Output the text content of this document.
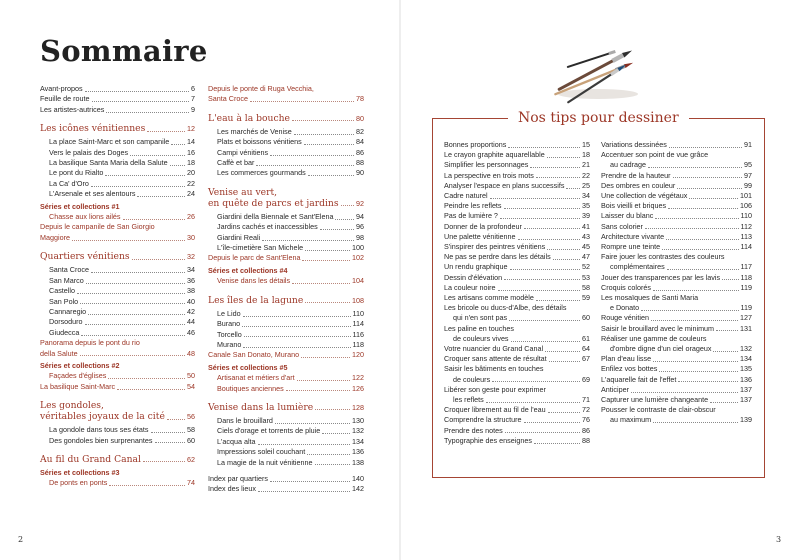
Sommaire
Avant-propos	6
Feuille de route	7
Les artistes-autrices	9
Les icônes vénitiennes	12
La place Saint-Marc et son campanile 14
Vers le palais des Doges	16
La basilique Santa Maria della Salute	18
Le pont du Rialto	20
La Ca' d'Oro	22
L'Arsenale et ses alentours	24
Séries et collections #1
Chasse aux lions ailés	26
Depuis le campanile de San Giorgio
Maggiore	30
Quartiers vénitiens	32
Santa Croce	34
San Marco	36
Castello	38
San Polo	40
Cannaregio	42
Dorsoduro	44
Giudecca	46
Panorama depuis le pont du rio
della Salute	48
Séries et collections #2
Façades d'églises	50
La basilique Saint-Marc	54
Les gondoles,
véritables joyaux de la cité	56
La gondole dans tous ses états	58
Des gondoles bien surprenantes	60
Au fil du Grand Canal	62
Séries et collections #3
De ponts en ponts	74
Depuis le ponte di Ruga Vecchia,
Santa Croce	78
L'eau à la bouche	80
Les marchés de Venise	82
Plats et boissons vénitiens	84
Campi vénitiens	86
Caffè et bar	88
Les commerces gourmands	90
Venise au vert,
en quête de parcs et jardins 92
Giardini della Biennale et Sant'Elena	94
Jardins cachés et inaccessibles	96
Giardini Reali	98
L'île-cimetière San Michele	100
Depuis le parc de Sant'Elena	102
Séries et collections #4
Venise dans les détails	104
Les îles de la lagune	108
Le Lido	110
Burano	114
Torcello	116
Murano	118
Canale San Donato, Murano	120
Séries et collections #5
Artisanat et métiers d'art	122
Boutiques anciennes	126
Venise dans la lumière	128
Dans le brouillard	130
Ciels d'orage et torrents de pluie	132
L'acqua alta	134
Impressions soleil couchant	136
La magie de la nuit vénitienne	138
Index par quartiers	140
Index des lieux	142
2	3
Nos tips pour dessiner
Bonnes proportions	15
Le crayon graphite aquarellable	18
Simplifier les personnages	21
La perspective en trois mots	22
Analyser l'espace en plans successifs 25
Cadre naturel	34
Peindre les reflets	35
Pas de lumière ?	39
Donner de la profondeur	41
Une palette vénitienne	43
S'inspirer des peintres vénitiens	45
Ne pas se perdre dans les détails	47
Un rendu graphique	52
Dessin d'élévation	53
La couleur noire	58
Les artisans comme modèle	59
Les bricole ou ducs-d'Albe, des détails
qui n'en sont pas	60
Les paline en touches
de couleurs vives	61
Votre nuancier du Grand Canal	64
Croquer sans attente de résultat	67
Saisir les bâtiments en touches
de couleurs	69
Libérer son geste pour exprimer
les reflets	71
Croquer librement au fil de l'eau	72
Comprendre la structure	76
Prendre des notes	86
Typographie des enseignes	88
Variations dessinées	91
Accentuer son point de vue grâce
au cadrage	95
Prendre de la hauteur	97
Des ombres en couleur	99
Une collection de végétaux	101
Bois vieilli et briques	106
Laisser du blanc	110
Sans colorier	112
Architecture vivante	113
Rompre une teinte	114
Faire jouer les contrastes des couleurs
complémentaires	117
Jouer des transparences par les lavis	118
Croquis colorés	119
Les mosaïques de Santi Maria
e Donato	119
Rouge vénitien	127
Saisir le brouillard avec le minimum	131
Réaliser une gamme de couleurs
d'ombre digne d'un ciel orageux	132
Plan d'eau lisse	134
Enfilez vos bottes	135
L'aquarelle fait de l'effet	136
Anticiper	137
Capturer une lumière changeante	137
Pousser le contraste de clair-obscur
au maximum	139
